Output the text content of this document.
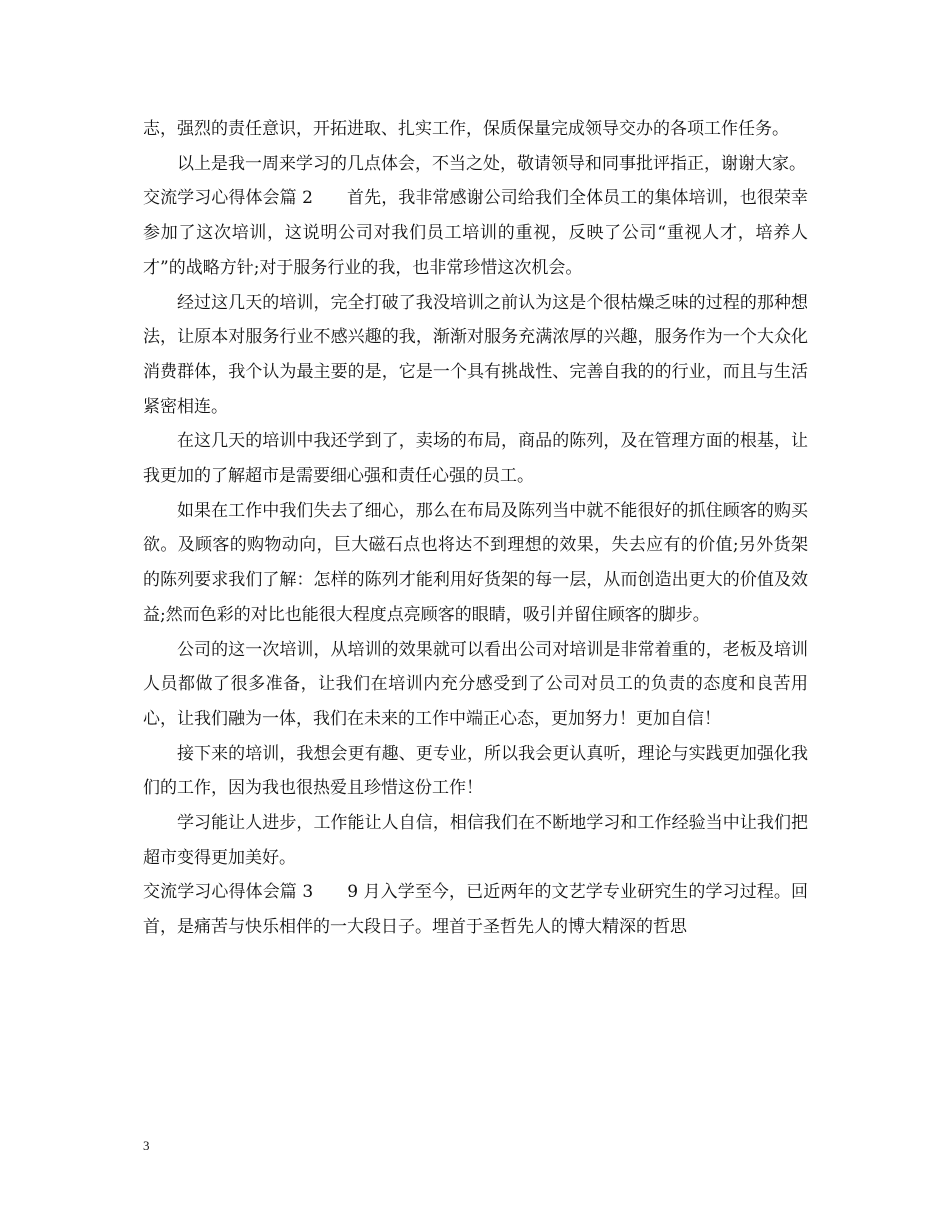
志，强烈的责任意识，开拓进取、扎实工作，保质保量完成领导交办的各项工作任务。

以上是我一周来学习的几点体会，不当之处，敬请领导和同事批评指正，谢谢大家。

交流学习心得体会篇 2 首先，我非常感谢公司给我们全体员工的集体培训，也很荣幸参加了这次培训，这说明公司对我们员工培训的重视，反映了公司“重视人才，培养人才”的战略方针;对于服务行业的我，也非常珍惜这次机会。

经过这几天的培训，完全打破了我没培训之前认为这是个很枯燥乏味的过程的那种想法，让原本对服务行业不感兴趣的我，渐渐对服务充满浓厚的兴趣，服务作为一个大众化消费群体，我个认为最主要的是，它是一个具有挑战性、完善自我的的行业，而且与生活紧密相连。

在这几天的培训中我还学到了，卖场的布局，商品的陈列，及在管理方面的根基，让我更加的了解超市是需要细心强和责任心强的员工。

如果在工作中我们失去了细心，那么在布局及陈列当中就不能很好的抓住顾客的购买欲。及顾客的购物动向，巨大磁石点也将达不到理想的效果，失去应有的价值;另外货架的陈列要求我们了解：怎样的陈列才能利用好货架的每一层，从而创造出更大的价值及效益;然而色彩的对比也能很大程度点亮顾客的眼睛，吸引并留住顾客的脚步。

公司的这一次培训，从培训的效果就可以看出公司对培训是非常着重的，老板及培训人员都做了很多准备，让我们在培训内充分感受到了公司对员工的负责的态度和良苦用心，让我们融为一体，我们在未来的工作中端正心态，更加努力！更加自信！

接下来的培训，我想会更有趣、更专业，所以我会更认真听，理论与实践更加强化我们的工作，因为我也很热爱且珍惜这份工作！

学习能让人进步，工作能让人自信，相信我们在不断地学习和工作经验当中让我们把超市变得更加美好。

交流学习心得体会篇 3 9 月入学至今，已近两年的文艺学专业研究生的学习过程。回首，是痛苦与快乐相伴的一大段日子。埋首于圣哲先人的博大精深的哲思

3
